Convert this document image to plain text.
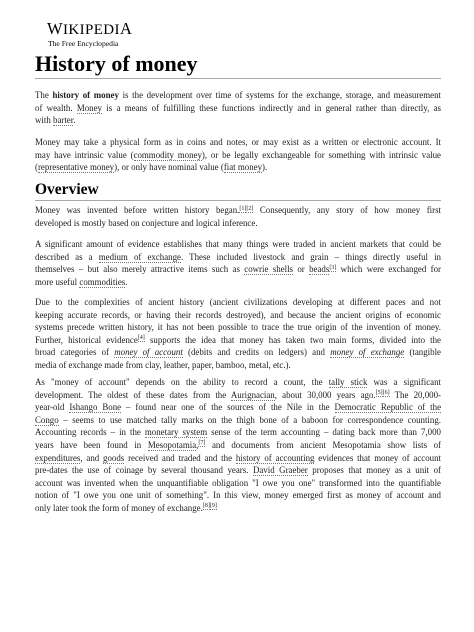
WIKIPEDIA
The Free Encyclopedia
History of money

The history of money is the development over time of systems for the exchange, storage, and measurement
of wealth. Money is a means of fulfilling these functions indirectly and in general rather than directly, as
with barter.

Money may take a physical form as in coins and notes, or may exist as a written or electronic account. It
may have intrinsic value (commodity money), or be legally exchangeable for something with intrinsic value
(representative money), or only have nominal value (fiat money).

Overview

Money was invented before written history began.[1][2] Consequently, any story of how money first
developed is mostly based on conjecture and logical inference.

A significant amount of evidence establishes that many things were traded in ancient markets that could be
described as a medium of exchange. These included livestock and grain – things directly useful in
themselves – but also merely attractive items such as cowrie shells or beads[3] which were exchanged for
more useful commodities.

Due to the complexities of ancient history (ancient civilizations developing at different paces and not
keeping accurate records, or having their records destroyed), and because the ancient origins of economic
systems precede written history, it has not been possible to trace the true origin of the invention of money.
Further, historical evidence[4] supports the idea that money has taken two main forms, divided into the
broad categories of money of account (debits and credits on ledgers) and money of exchange (tangible
media of exchange made from clay, leather, paper, bamboo, metal, etc.).

As "money of account" depends on the ability to record a count, the tally stick was a significant
development. The oldest of these dates from the Aurignacian, about 30,000 years ago.[5][6] The 20,000-
year-old Ishango Bone – found near one of the sources of the Nile in the Democratic Republic of the
Congo – seems to use matched tally marks on the thigh bone of a baboon for correspondence counting.
Accounting records – in the monetary system sense of the term accounting – dating back more than 7,000
years have been found in Mesopotamia,[7] and documents from ancient Mesopotamia show lists of
expenditures, and goods received and traded and the history of accounting evidences that money of account
pre-dates the use of coinage by several thousand years. David Graeber proposes that money as a unit of
account was invented when the unquantifiable obligation "I owe you one" transformed into the quantifiable
notion of "I owe you one unit of something". In this view, money emerged first as money of account and
only later took the form of money of exchange.[8][9]
